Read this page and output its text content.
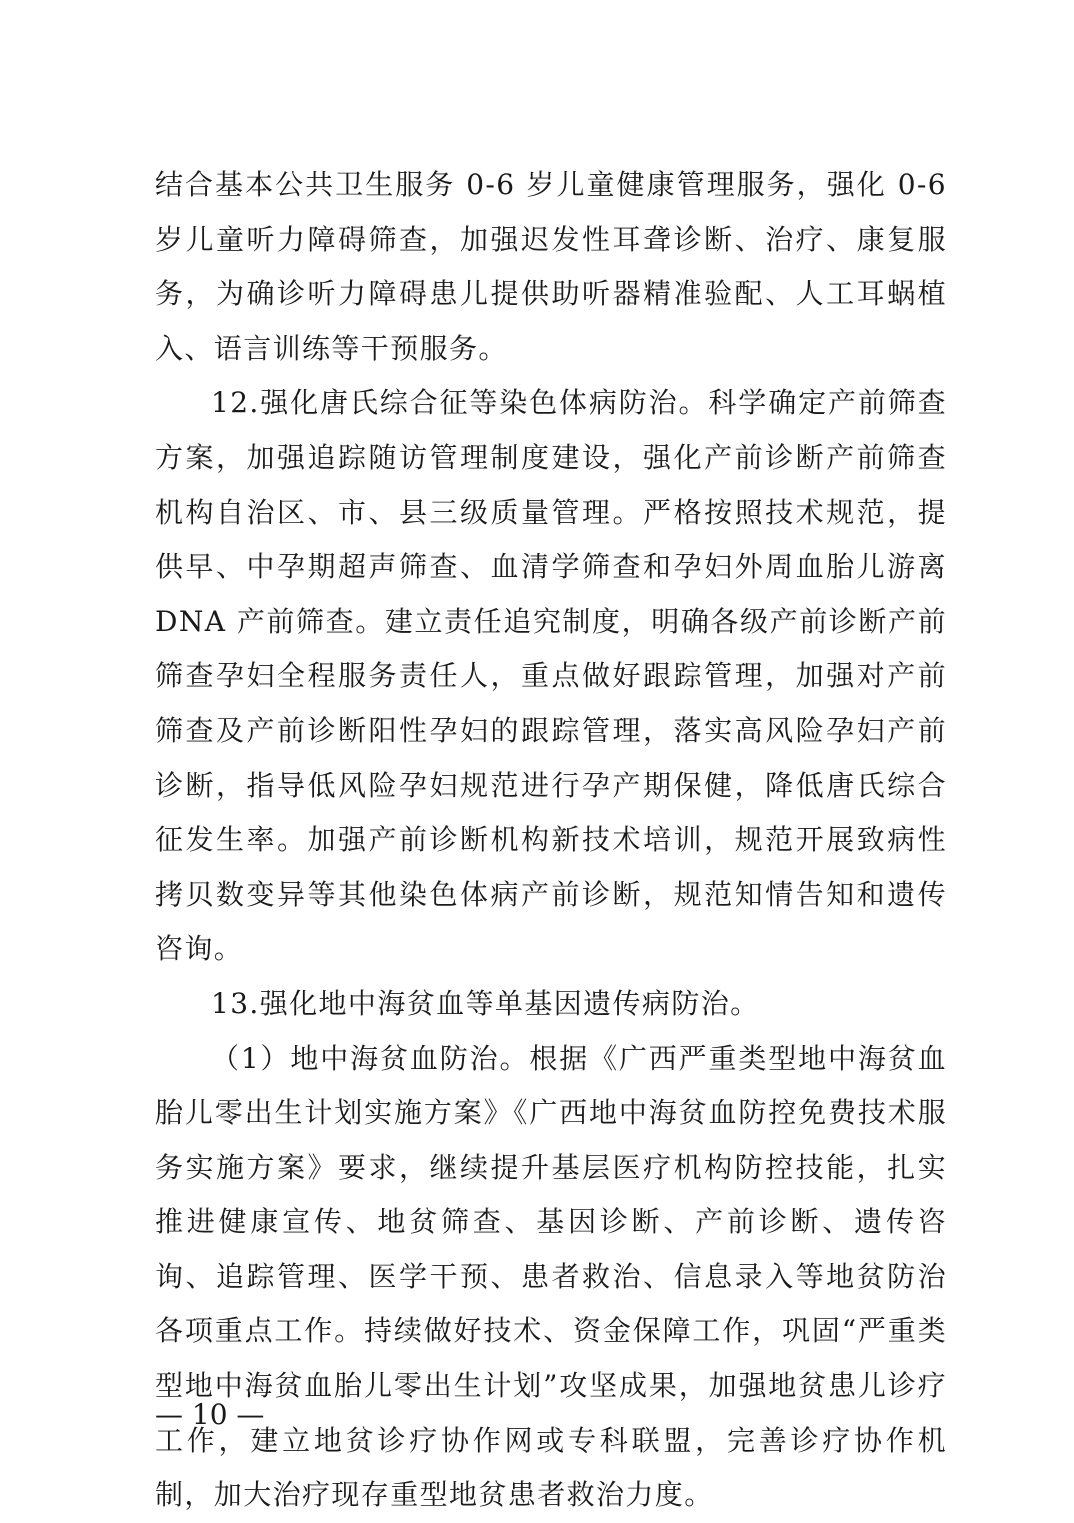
结合基本公共卫生服务 0-6 岁儿童健康管理服务，强化 0-6 岁儿童听力障碍筛查，加强迟发性耳聋诊断、治疗、康复服务，为确诊听力障碍患儿提供助听器精准验配、人工耳蜗植入、语言训练等干预服务。

12.强化唐氏综合征等染色体病防治。科学确定产前筛查方案，加强追踪随访管理制度建设，强化产前诊断产前筛查机构自治区、市、县三级质量管理。严格按照技术规范，提供早、中孕期超声筛查、血清学筛查和孕妇外周血胎儿游离 DNA 产前筛查。建立责任追究制度，明确各级产前诊断产前筛查孕妇全程服务责任人，重点做好跟踪管理，加强对产前筛查及产前诊断阳性孕妇的跟踪管理，落实高风险孕妇产前诊断，指导低风险孕妇规范进行孕产期保健，降低唐氏综合征发生率。加强产前诊断机构新技术培训，规范开展致病性拷贝数变异等其他染色体病产前诊断，规范知情告知和遗传咨询。

13.强化地中海贫血等单基因遗传病防治。

（1）地中海贫血防治。根据《广西严重类型地中海贫血胎儿零出生计划实施方案》《广西地中海贫血防控免费技术服务实施方案》要求，继续提升基层医疗机构防控技能，扎实推进健康宣传、地贫筛查、基因诊断、产前诊断、遗传咨询、追踪管理、医学干预、患者救治、信息录入等地贫防治各项重点工作。持续做好技术、资金保障工作，巩固“严重类型地中海贫血胎儿零出生计划”攻坚成果，加强地贫患儿诊疗工作，建立地贫诊疗协作网或专科联盟，完善诊疗协作机制，加大治疗现存重型地贫患者救治力度。

— 10 —
